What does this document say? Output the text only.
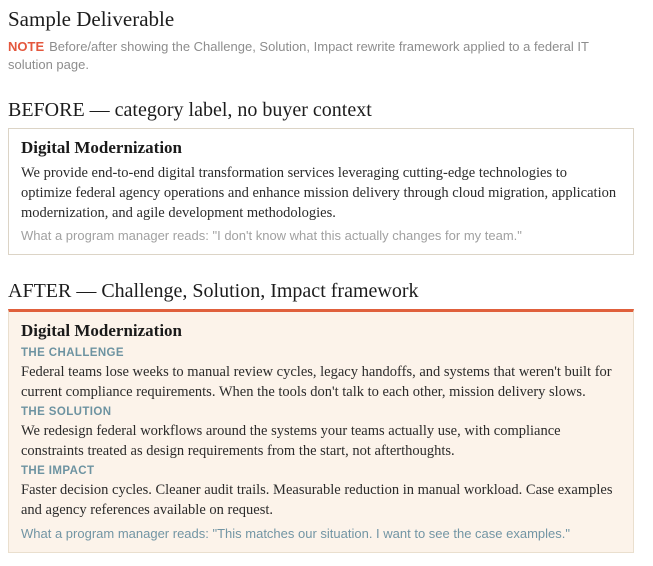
Sample Deliverable

NOTE Before/after showing the Challenge, Solution, Impact rewrite framework applied to a federal IT solution page.

BEFORE — category label, no buyer context
Digital Modernization

We provide end-to-end digital transformation services leveraging cutting-edge technologies to optimize federal agency operations and enhance mission delivery through cloud migration, application modernization, and agile development methodologies.

What a program manager reads: "I don't know what this actually changes for my team."

AFTER — Challenge, Solution, Impact framework
Digital Modernization

THE CHALLENGE

Federal teams lose weeks to manual review cycles, legacy handoffs, and systems that weren't built for current compliance requirements. When the tools don't talk to each other, mission delivery slows.

THE SOLUTION

We redesign federal workflows around the systems your teams actually use, with compliance constraints treated as design requirements from the start, not afterthoughts.

THE IMPACT

Faster decision cycles. Cleaner audit trails. Measurable reduction in manual workload. Case examples and agency references available on request.

What a program manager reads: "This matches our situation. I want to see the case examples."
